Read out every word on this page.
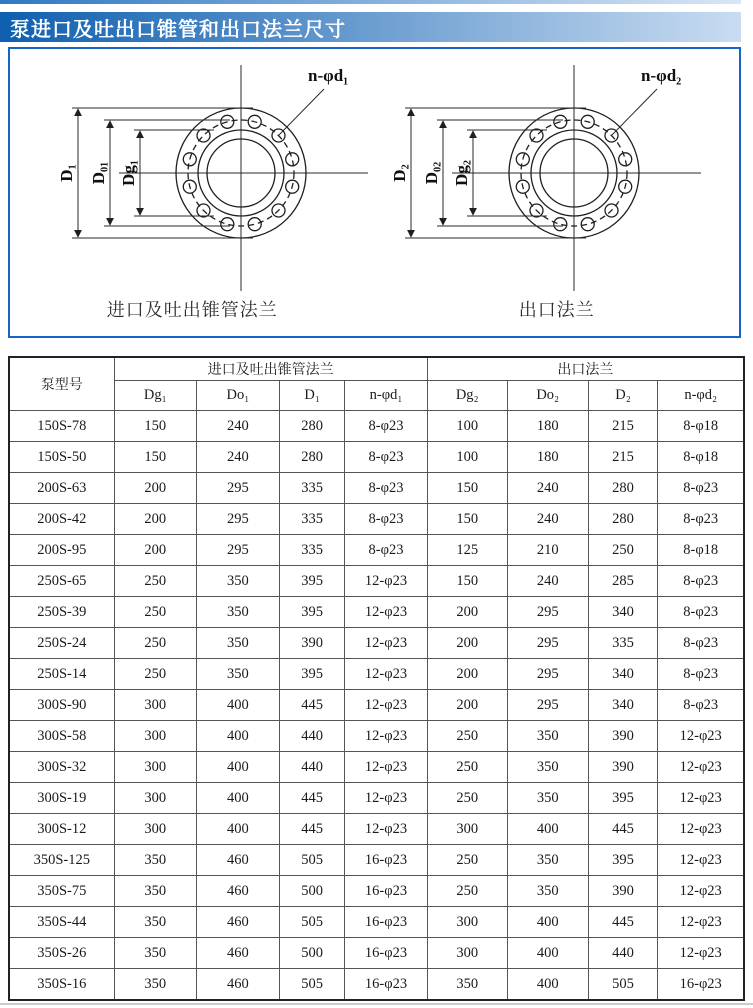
泵进口及吐出口锥管和出口法兰尺寸
D₁ D₀₁ Dg₁
n-φd₁
进口及吐出锥管法兰
D₂ D₀₂ Dg₂
n-φd₂
出口法兰
泵型号	进口及吐出锥管法兰				出口法兰			
	Dg₁	Do₁	D₁	n-φd₁	Dg₂	Do₂	D₂	n-φd₂
150S-78	150	240	280	8-φ23	100	180	215	8-φ18
150S-50	150	240	280	8-φ23	100	180	215	8-φ18
200S-63	200	295	335	8-φ23	150	240	280	8-φ23
200S-42	200	295	335	8-φ23	150	240	280	8-φ23
200S-95	200	295	335	8-φ23	125	210	250	8-φ18
250S-65	250	350	395	12-φ23	150	240	285	8-φ23
250S-39	250	350	395	12-φ23	200	295	340	8-φ23
250S-24	250	350	390	12-φ23	200	295	335	8-φ23
250S-14	250	350	395	12-φ23	200	295	340	8-φ23
300S-90	300	400	445	12-φ23	200	295	340	8-φ23
300S-58	300	400	440	12-φ23	250	350	390	12-φ23
300S-32	300	400	440	12-φ23	250	350	390	12-φ23
300S-19	300	400	445	12-φ23	250	350	395	12-φ23
300S-12	300	400	445	12-φ23	300	400	445	12-φ23
350S-125	350	460	505	16-φ23	250	350	395	12-φ23
350S-75	350	460	500	16-φ23	250	350	390	12-φ23
350S-44	350	460	505	16-φ23	300	400	445	12-φ23
350S-26	350	460	500	16-φ23	300	400	440	12-φ23
350S-16	350	460	505	16-φ23	350	400	505	16-φ23
